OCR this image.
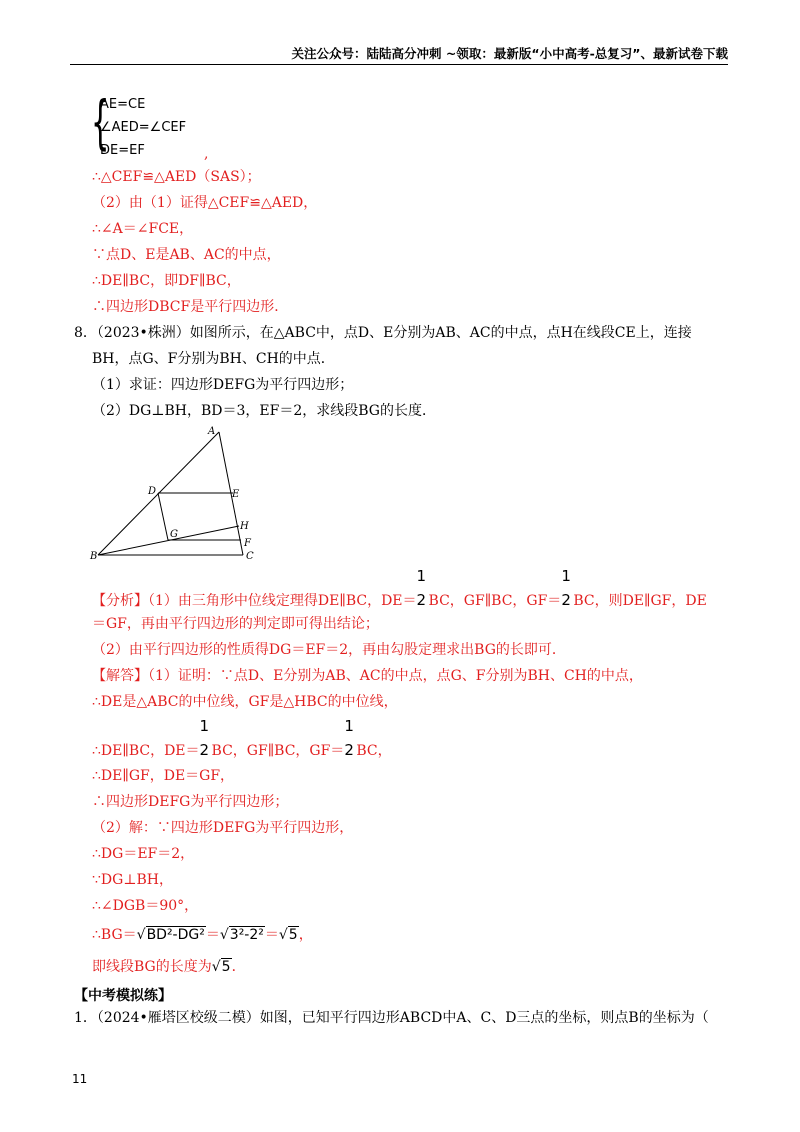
关注公众号：陆陆高分冲刺 ~领取：最新版“小中高考-总复习”、最新试卷下载
{
AE=CE
∠AED=∠CEF
DE=EF	,
∴△CEF≌△AED（SAS）；
（2）由（1）证得△CEF≌△AED，
∴∠A＝∠FCE，
∵点D、E是AB、AC的中点，
∴DE∥BC，即DF∥BC，
∴四边形DBCF是平行四边形．
8．（2023•株洲）如图所示，在△ABC中，点D、E分别为AB、AC的中点，点H在线段CE上，连接
BH，点G、F分别为BH、CH的中点．
（1）求证：四边形DEFG为平行四边形；
（2）DG⊥BH，BD＝3，EF＝2，求线段BG的长度．
A
B	C
D	E
F
G
H
【分析】（1）由三角形中位线定理得DE∥BC，DE＝
1
2 BC，GF∥BC，GF＝
1
2 BC，则DE∥GF，DE
＝GF，再由平行四边形的判定即可得出结论；
（2）由平行四边形的性质得DG＝EF＝2，再由勾股定理求出BG的长即可．
【解答】（1）证明：∵点D、E分别为AB、AC的中点，点G、F分别为BH、CH的中点，
∴DE是△ABC的中位线，GF是△HBC的中位线，
∴DE∥BC，DE＝
1
2 BC，GF∥BC，GF＝
1
2 BC，
∴DE∥GF，DE＝GF，
∴四边形DEFG为平行四边形；
（2）解：∵四边形DEFG为平行四边形，
∴DG＝EF＝2，
∵DG⊥BH，
∴∠DGB＝90°，
∴BG＝√BD²-DG²＝√3²-2²＝√5，
即线段BG的长度为√5．
【中考模拟练】
1．（2024•雁塔区校级二模）如图，已知平行四边形ABCD中A、C、D三点的坐标，则点B的坐标为（
11
